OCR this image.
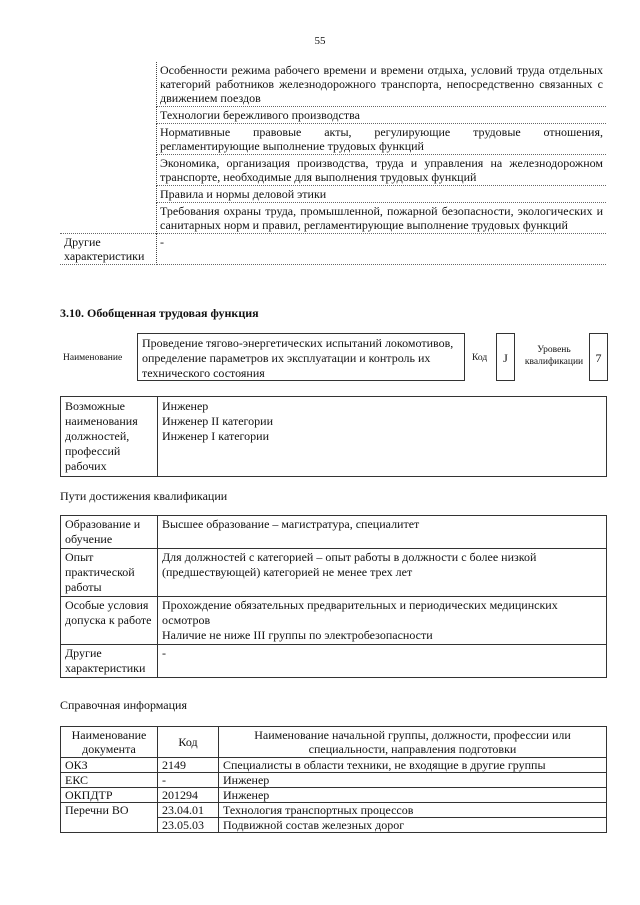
55
	Особенности режима рабочего времени и времени отдыха, условий труда отдельных категорий работников железнодорожного транспорта, непосредственно связанных с движением поездов
	Технологии бережливого производства
	Нормативные правовые акты, регулирующие трудовые отношения, регламентирующие выполнение трудовых функций
	Экономика, организация производства, труда и управления на железнодорожном транспорте, необходимые для выполнения трудовых функций
	Правила и нормы деловой этики
	Требования охраны труда, промышленной, пожарной безопасности, экологических и санитарных норм и правил, регламентирующие выполнение трудовых функций
Другие характеристики	-
3.10. Обобщенная трудовая функция
Наименование
Проведение тягово-энергетических испытаний локомотивов, определение параметров их эксплуатации и контроль их технического состояния
Код	J
Уровень квалификации	7
Возможные наименования должностей, профессий рабочих	
Инженер
Инженер II категории
Инженер I категории
Пути достижения квалификации
Образование и обучение	Высшее образование – магистратура, специалитет
Опыт практической работы	Для должностей с категорией – опыт работы в должности с более низкой (предшествующей) категорией не менее трех лет
Особые условия допуска к работе	Прохождение обязательных предварительных и периодических медицинских осмотров
Наличие не ниже III группы по электробезопасности

Другие характеристики	-
Справочная информация
Наименование документа	Код	Наименование начальной группы, должности, профессии или специальности, направления подготовки
ОКЗ	2149	Специалисты в области техники, не входящие в другие группы
ЕКС	-	Инженер
ОКПДТР	201294	Инженер
Перечни ВО	23.04.01	Технология транспортных процессов
	23.05.03	Подвижной состав железных дорог
